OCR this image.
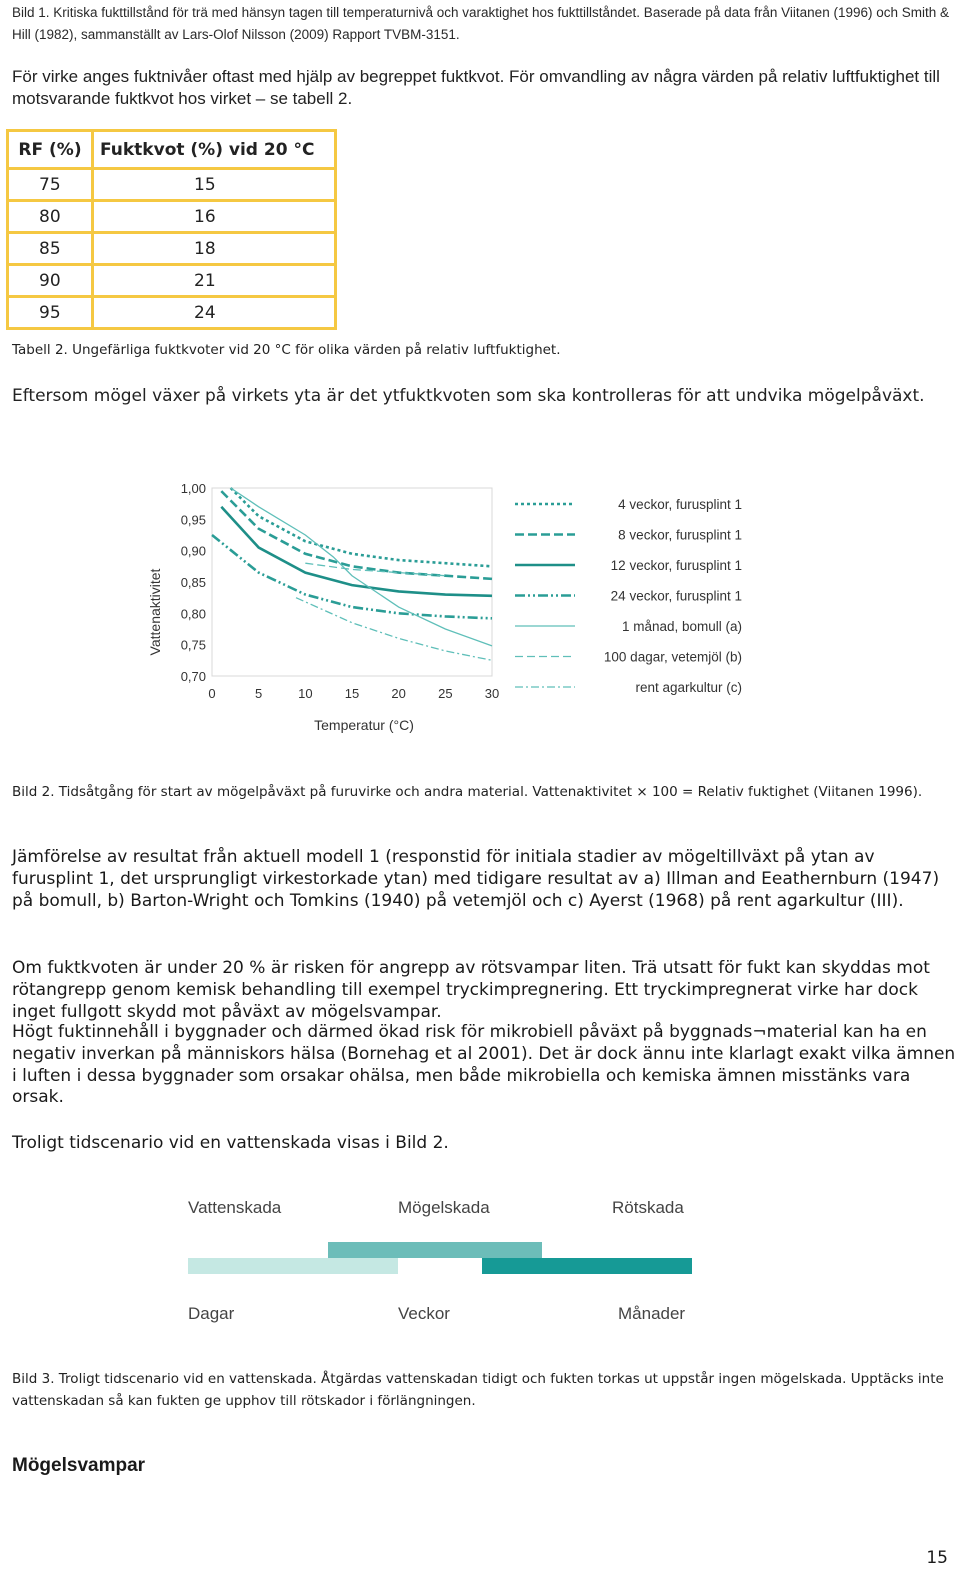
Bild 1. Kritiska fukttillstånd för trä med hänsyn tagen till temperaturnivå och varaktighet hos fukttillståndet. Baserade på data från Viitanen (1996) och Smith & Hill (1982), sammanställt av Lars-Olof Nilsson (2009) Rapport TVBM-3151.
För virke anges fuktnivåer oftast med hjälp av begreppet fuktkvot. För omvandling av några värden på relativ luftfuktighet till motsvarande fuktkvot hos virket – se tabell 2.
RF (%)	Fuktkvot (%) vid 20 °C
75	15
80	16
85	18
90	21
95	24
Tabell 2. Ungefärliga fuktkvoter vid 20 °C för olika värden på relativ luftfuktighet.
Eftersom mögel växer på virkets yta är det ytfuktkvoten som ska kontrolleras för att undvika mögelpåväxt.
0	5	10 15 20 25 30
1,00
0,95
0,90
0,85
0,80
0,75
0,70
4 veckor, furusplint 1
8 veckor, furusplint 1
12 veckor, furusplint 1
24 veckor, furusplint 1
1 månad, bomull (a)
100 dagar, vetemjöl (b)
rent agarkultur (c)
Vattenaktivitet
Temperatur (°C)
Bild 2. Tidsåtgång för start av mögelpåväxt på furuvirke och andra material. Vattenaktivitet × 100 = Relativ fuktighet (Viitanen 1996).
Jämförelse av resultat från aktuell modell 1 (responstid för initiala stadier av mögeltillväxt på ytan av furusplint 1, det ursprungligt virkestorkade ytan) med tidigare resultat av a) Illman and Eeathernburn (1947) på bomull, b) Barton-Wright och Tomkins (1940) på vetemjöl och c) Ayerst (1968) på rent agarkultur (III).
Om fuktkvoten är under 20 % är risken för angrepp av rötsvampar liten. Trä utsatt för fukt kan skyddas mot rötangrepp genom kemisk behandling till exempel tryckimpregnering. Ett tryckimpregnerat virke har dock inget fullgott skydd mot påväxt av mögelsvampar.
Högt fuktinnehåll i byggnader och därmed ökad risk för mikrobiell påväxt på byggnads¬material kan ha en negativ inverkan på människors hälsa (Bornehag et al 2001). Det är dock ännu inte klarlagt exakt vilka ämnen i luften i dessa byggnader som orsakar ohälsa, men både mikrobiella och kemiska ämnen misstänks vara orsak.
Troligt tidscenario vid en vattenskada visas i Bild 2.
Vattenskada	Mögelskada	Rötskada
Dagar	Veckor	Månader
Bild 3. Troligt tidscenario vid en vattenskada. Åtgärdas vattenskadan tidigt och fukten torkas ut uppstår ingen mögelskada. Upptäcks inte vattenskadan så kan fukten ge upphov till rötskador i förlängningen.
Mögelsvampar
15
